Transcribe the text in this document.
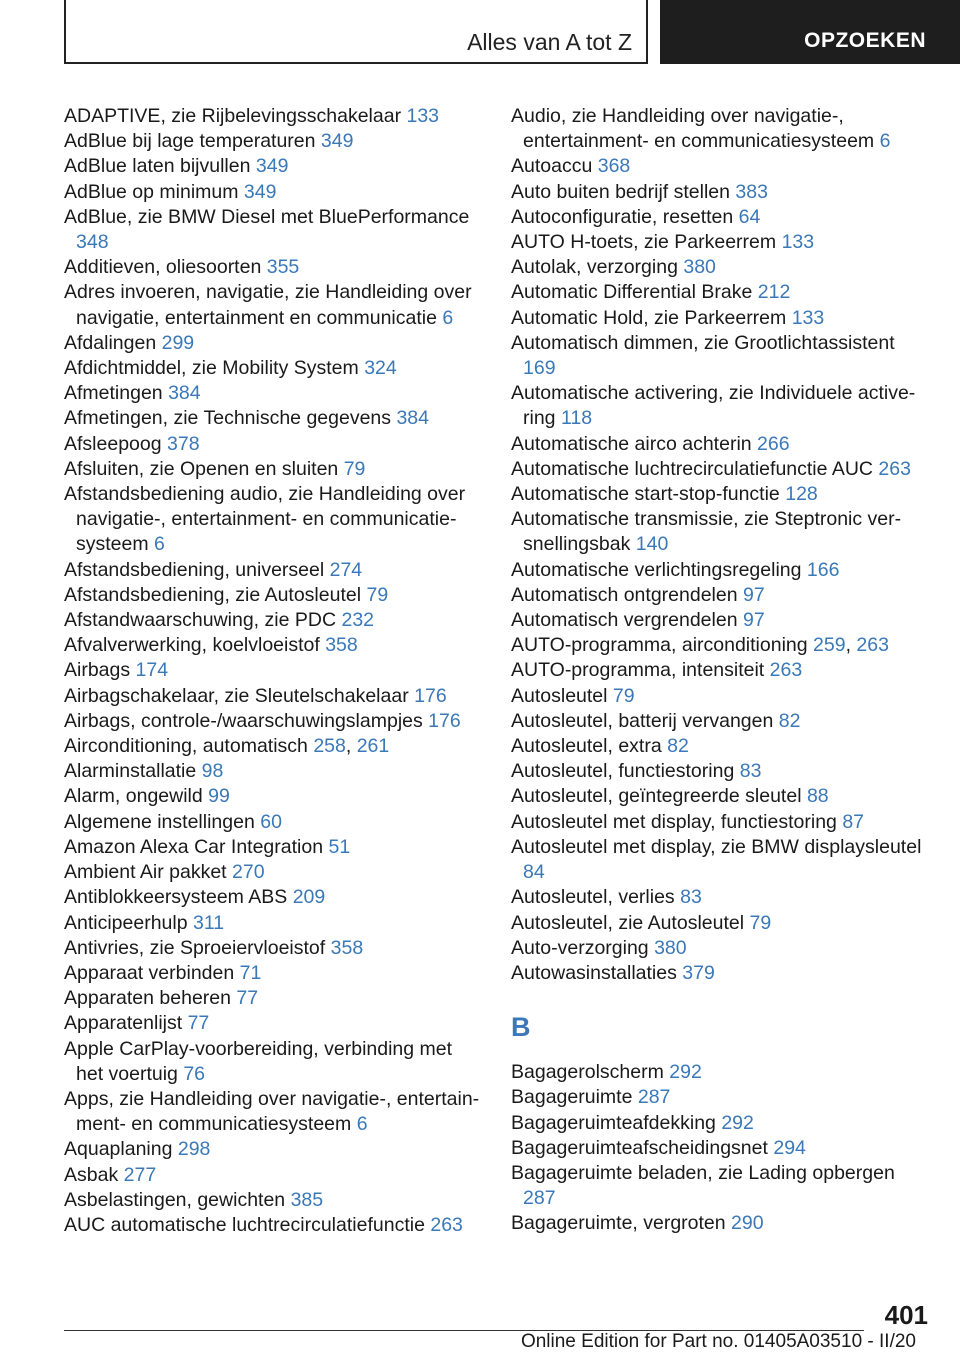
Alles van A tot Z	OPZOEKEN
ADAPTIVE, zie Rijbelevingsschakelaar 133
AdBlue bij lage temperaturen 349
AdBlue laten bijvullen 349
AdBlue op minimum 349
AdBlue, zie BMW Diesel met BluePerformance 348
Additieven, oliesoorten 355
Adres invoeren, navigatie, zie Handleiding over navigatie, entertainment en communicatie 6
Afdalingen 299
Afdichtmiddel, zie Mobility System 324
Afmetingen 384
Afmetingen, zie Technische gegevens 384
Afsleepoog 378
Afsluiten, zie Openen en sluiten 79
Afstandsbediening audio, zie Handleiding over navigatie-, entertainment- en communicatiesysteem 6
Afstandsbediening, universeel 274
Afstandsbediening, zie Autosleutel 79
Afstandwaarschuwing, zie PDC 232
Afvalverwerking, koelvloeistof 358
Airbags 174
Airbagschakelaar, zie Sleutelschakelaar 176
Airbags, controle-/waarschuwingslampjes 176
Airconditioning, automatisch 258, 261
Alarminstallatie 98
Alarm, ongewild 99
Algemene instellingen 60
Amazon Alexa Car Integration 51
Ambient Air pakket 270
Antiblokkeersysteem ABS 209
Anticipeerhulp 311
Antivries, zie Sproeiervloeistof 358
Apparaat verbinden 71
Apparaten beheren 77
Apparatenlijst 77
Apple CarPlay-voorbereiding, verbinding met het voertuig 76
Apps, zie Handleiding over navigatie-, entertainment- en communicatiesysteem 6
Aquaplaning 298
Asbak 277
Asbelastingen, gewichten 385
AUC automatische luchtrecirculatiefunctie 263
Audio, zie Handleiding over navigatie-, entertainment- en communicatiesysteem 6
Autoaccu 368
Auto buiten bedrijf stellen 383
Autoconfiguratie, resetten 64
AUTO H-toets, zie Parkeerrem 133
Autolak, verzorging 380
Automatic Differential Brake 212
Automatic Hold, zie Parkeerrem 133
Automatisch dimmen, zie Grootlichtassistent 169
Automatische activering, zie Individuele activering 118
Automatische airco achterin 266
Automatische luchtrecirculatiefunctie AUC 263
Automatische start-stop-functie 128
Automatische transmissie, zie Steptronic versnellingsbak 140
Automatische verlichtingsregeling 166
Automatisch ontgrendelen 97
Automatisch vergrendelen 97
AUTO-programma, airconditioning 259, 263
AUTO-programma, intensiteit 263
Autosleutel 79
Autosleutel, batterij vervangen 82
Autosleutel, extra 82
Autosleutel, functiestoring 83
Autosleutel, geïntegreerde sleutel 88
Autosleutel met display, functiestoring 87
Autosleutel met display, zie BMW displaysleutel 84
Autosleutel, verlies 83
Autosleutel, zie Autosleutel 79
Auto-verzorging 380
Autowasinstallaties 379
B
Bagagerolscherm 292
Bagageruimte 287
Bagageruimteafdekking 292
Bagageruimteafscheidingsnet 294
Bagageruimte beladen, zie Lading opbergen 287
Bagageruimte, vergroten 290
401
Online Edition for Part no. 01405A03510 - II/20
